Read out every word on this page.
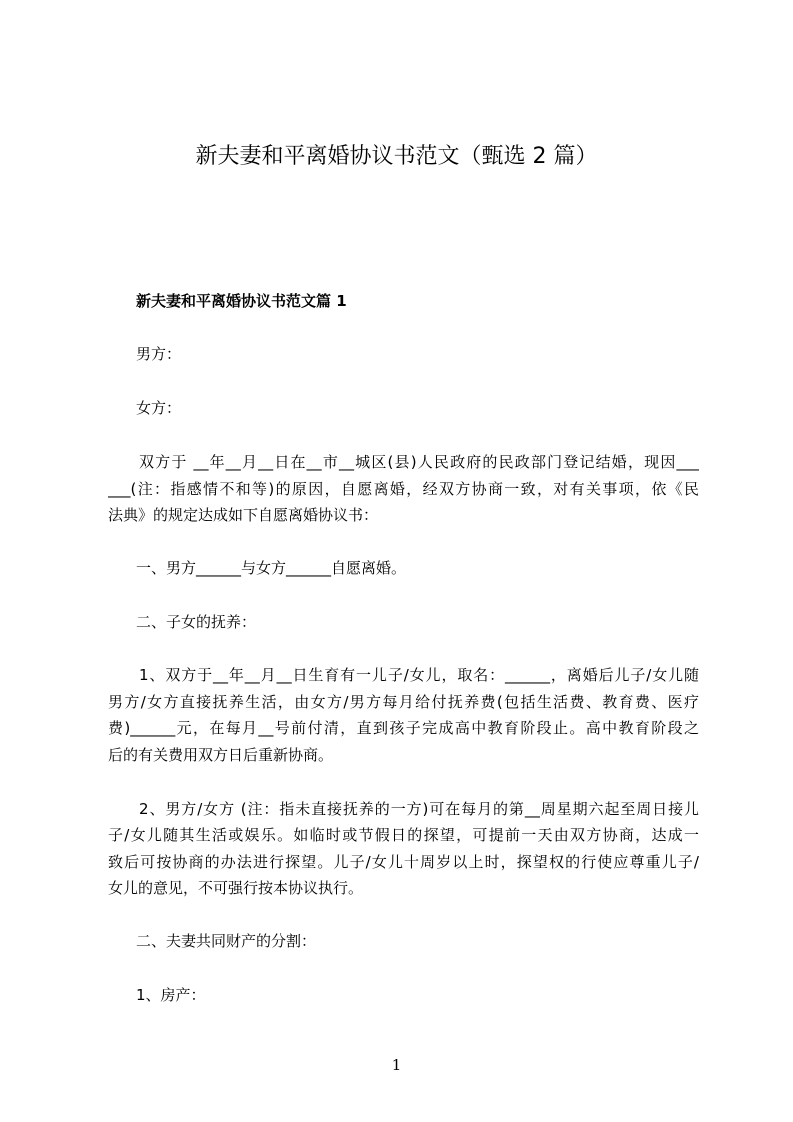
新夫妻和平离婚协议书范文（甄选 2 篇）
新夫妻和平离婚协议书范文篇 1
男方：
女方：
双方于 __年__月__日在__市__城区(县)人民政府的民政部门登记结婚，现因___
___(注：指感情不和等)的原因，自愿离婚，经双方协商一致，对有关事项，依《民
法典》的规定达成如下自愿离婚协议书：
一、男方______与女方______自愿离婚。
二、子女的抚养：
1、双方于__年__月__日生育有一儿子/女儿，取名：______，离婚后儿子/女儿随
男方/女方直接抚养生活，由女方/男方每月给付抚养费(包括生活费、教育费、医疗
费)______元，在每月__号前付清，直到孩子完成高中教育阶段止。高中教育阶段之
后的有关费用双方日后重新协商。
2、男方/女方 (注：指未直接抚养的一方)可在每月的第__周星期六起至周日接儿
子/女儿随其生活或娱乐。如临时或节假日的探望，可提前一天由双方协商，达成一
致后可按协商的办法进行探望。儿子/女儿十周岁以上时，探望权的行使应尊重儿子/
女儿的意见，不可强行按本协议执行。
二、夫妻共同财产的分割：
1、房产：
1
